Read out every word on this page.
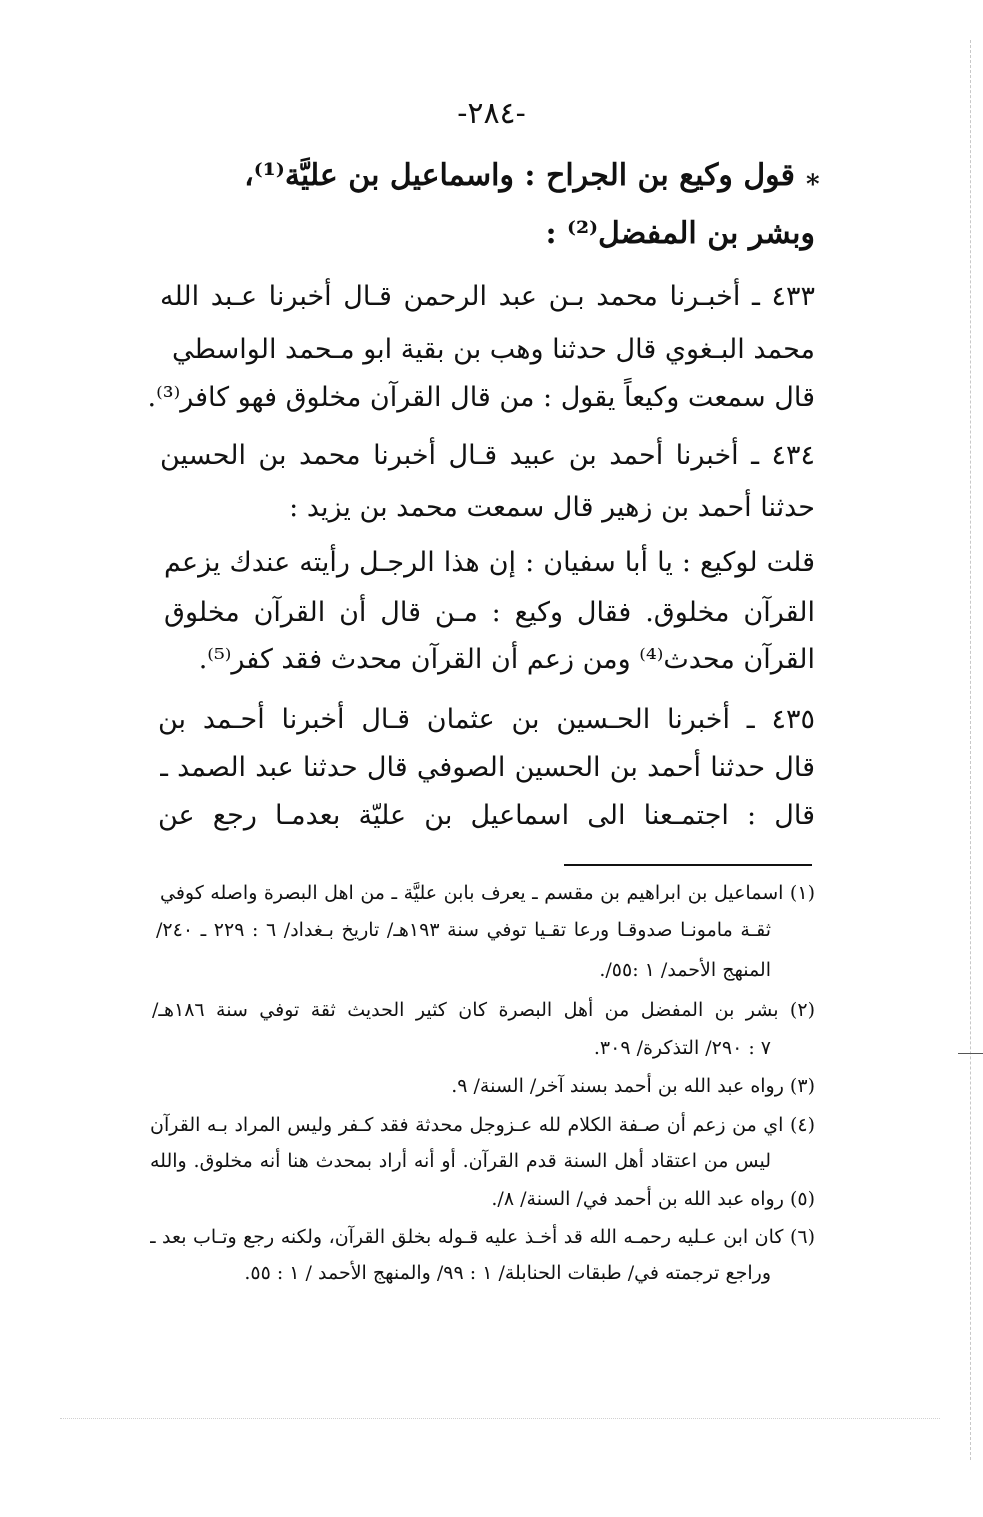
-٢٨٤-
*
قول وكيع بن الجراح : واسماعيل بن عليَّة⁽¹⁾،
وبشر بن المفضل⁽²⁾ :
٤٣٣ ـ أخبـرنا محمد بـن عبد الرحمن قـال أخبرنا عـبد الله
محمد البـغوي قال حدثنا وهب بن بقية ابو مـحمد الواسطي
قال سمعت وكيعاً يقول : من قال القرآن مخلوق فهو كافر⁽³⁾.
٤٣٤ ـ أخبرنا أحمد بن عبيد قـال أخبرنا محمد بن الحسين
حدثنا أحمد بن زهير قال سمعت محمد بن يزيد :
قلت لوكيع : يا أبا سفيان : إن هذا الرجـل رأيته عندك يزعم
القرآن مخلوق. فقال وكيع : مـن قال أن القرآن مخلوق
القرآن محدث⁽⁴⁾ ومن زعم أن القرآن محدث فقد كفر⁽⁵⁾.
٤٣٥ ـ أخبرنا الحـسين بن عثمان قـال أخبرنا أحـمد بن
قال حدثنا أحمد بن الحسين الصوفي قال حدثنا عبد الصمد ـ
قال : اجتمـعنا الى اسماعيل بن عليّة بعدمـا رجع عن
(١) اسماعيل بن ابراهيم بن مقسم ـ يعرف بابن عليَّة ـ من اهل البصرة واصله كوفي
ثقـة مامونـا صدوقـا ورعا تقـيا توفي سنة ١٩٣هـ/ تاريخ بـغداد/ ٦ : ٢٢٩ ـ ٢٤٠/
المنهج الأحمد/ ١ :٥٥/.
(٢) بشر بن المفضل من أهل البصرة كان كثير الحديث ثقة توفي سنة ١٨٦هـ/
٧ : ٢٩٠/ التذكرة/ ٣٠٩.
(٣) رواه عبد الله بن أحمد بسند آخر/ السنة/ ٩.
(٤) اي من زعم أن صـفة الكلام لله عـزوجل محدثة فقد كـفر وليس المراد بـه القرآن
ليس من اعتقاد أهل السنة قدم القرآن. أو أنه أراد بمحدث هنا أنه مخلوق. والله
(٥) رواه عبد الله بن أحمد في/ السنة/ ٨/.
(٦) كان ابن عـليه رحمـه الله قد أخـذ عليه قـوله بخلق القرآن، ولكنه رجع وتـاب بعد ـ
وراجع ترجمته في/ طبقات الحنابلة/ ١ : ٩٩/ والمنهج الأحمد / ١ : ٥٥.
